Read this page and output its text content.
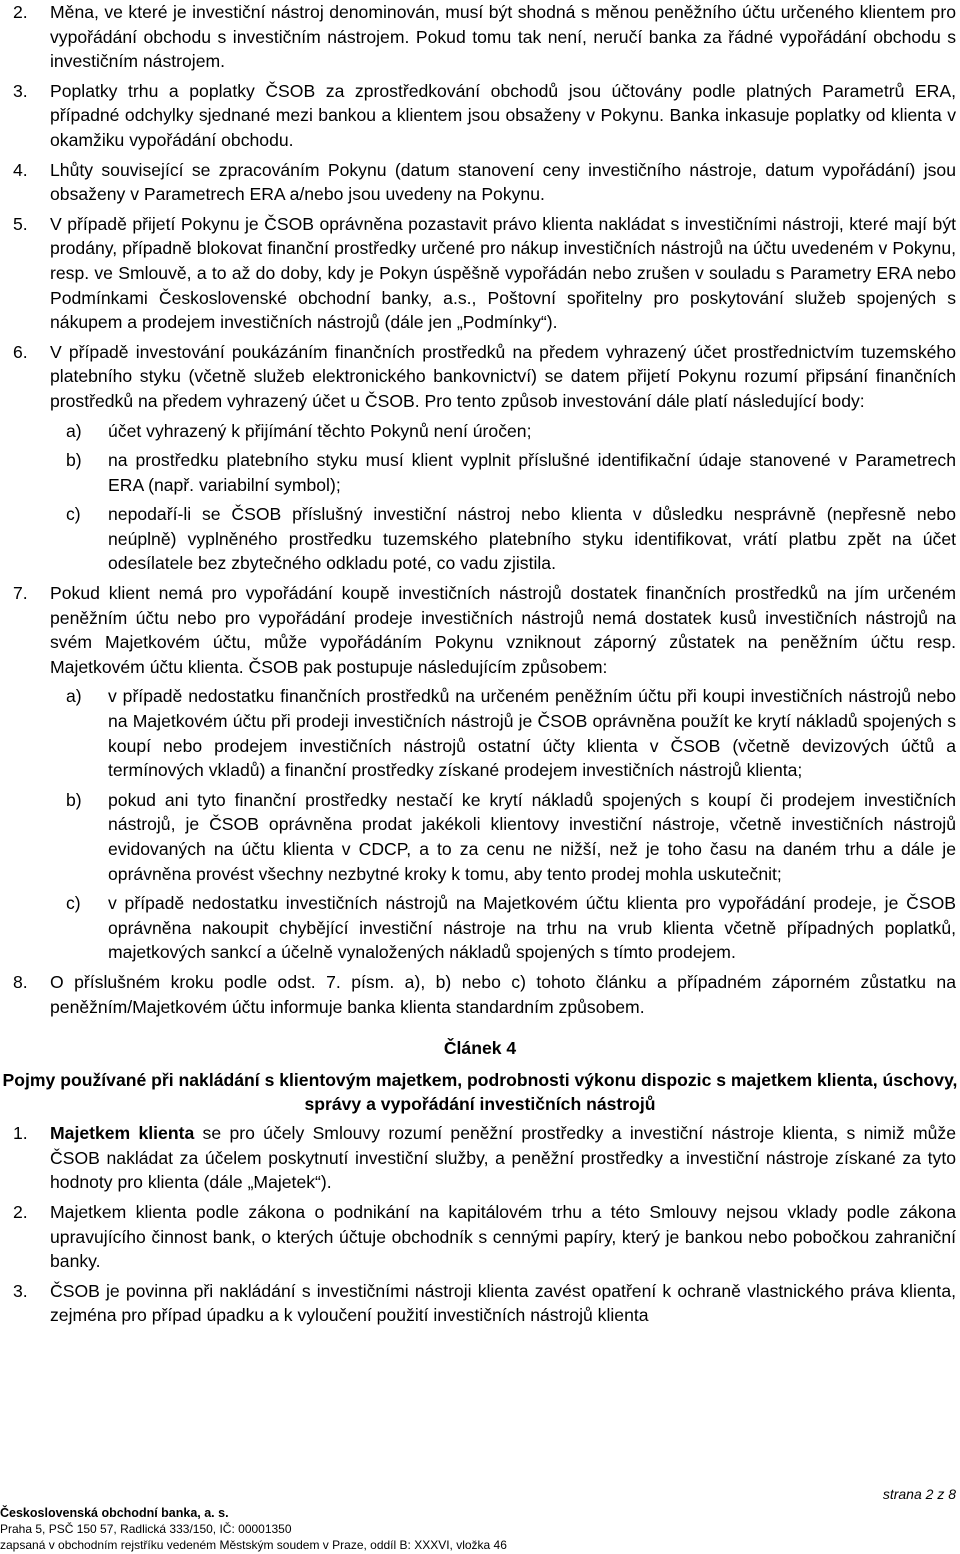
2. Měna, ve které je investiční nástroj denominován, musí být shodná s měnou peněžního účtu určeného klientem pro vypořádání obchodu s investičním nástrojem. Pokud tomu tak není, neručí banka za řádné vypořádání obchodu s investičním nástrojem.
3. Poplatky trhu a poplatky ČSOB za zprostředkování obchodů jsou účtovány podle platných Parametrů ERA, případné odchylky sjednané mezi bankou a klientem jsou obsaženy v Pokynu. Banka inkasuje poplatky od klienta v okamžiku vypořádání obchodu.
4. Lhůty související se zpracováním Pokynu (datum stanovení ceny investičního nástroje, datum vypořádání) jsou obsaženy v Parametrech ERA a/nebo jsou uvedeny na Pokynu.
5. V případě přijetí Pokynu je ČSOB oprávněna pozastavit právo klienta nakládat s investičními nástroji, které mají být prodány, případně blokovat finanční prostředky určené pro nákup investičních nástrojů na účtu uvedeném v Pokynu, resp. ve Smlouvě, a to až do doby, kdy je Pokyn úspěšně vypořádán nebo zrušen v souladu s Parametry ERA nebo Podmínkami Československé obchodní banky, a.s., Poštovní spořitelny pro poskytování služeb spojených s nákupem a prodejem investičních nástrojů (dále jen „Podmínky“).
6. V případě investování poukázáním finančních prostředků na předem vyhrazený účet prostřednictvím tuzemského platebního styku (včetně služeb elektronického bankovnictví) se datem přijetí Pokynu rozumí připsání finančních prostředků na předem vyhrazený účet u ČSOB. Pro tento způsob investování dále platí následující body:
a) účet vyhrazený k přijímání těchto Pokynů není úročen;
b) na prostředku platebního styku musí klient vyplnit příslušné identifikační údaje stanovené v Parametrech ERA (např. variabilní symbol);
c) nepodaří-li se ČSOB příslušný investiční nástroj nebo klienta v důsledku nesprávně (nepřesně nebo neúplně) vyplněného prostředku tuzemského platebního styku identifikovat, vrátí platbu zpět na účet odesílatele bez zbytečného odkladu poté, co vadu zjistila.
7. Pokud klient nemá pro vypořádání koupě investičních nástrojů dostatek finančních prostředků na jím určeném peněžním účtu nebo pro vypořádání prodeje investičních nástrojů nemá dostatek kusů investičních nástrojů na svém Majetkovém účtu, může vypořádáním Pokynu vzniknout záporný zůstatek na peněžním účtu resp. Majetkovém účtu klienta. ČSOB pak postupuje následujícím způsobem:
a) v případě nedostatku finančních prostředků na určeném peněžním účtu při koupi investičních nástrojů nebo na Majetkovém účtu při prodeji investičních nástrojů je ČSOB oprávněna použít ke krytí nákladů spojených s koupí nebo prodejem investičních nástrojů ostatní účty klienta v ČSOB (včetně devizových účtů a termínových vkladů) a finanční prostředky získané prodejem investičních nástrojů klienta;
b) pokud ani tyto finanční prostředky nestačí ke krytí nákladů spojených s koupí či prodejem investičních nástrojů, je ČSOB oprávněna prodat jakékoli klientovy investiční nástroje, včetně investičních nástrojů evidovaných na účtu klienta v CDCP, a to za cenu ne nižší, než je toho času na daném trhu a dále je oprávněna provést všechny nezbytné kroky k tomu, aby tento prodej mohla uskutečnit;
c) v případě nedostatku investičních nástrojů na Majetkovém účtu klienta pro vypořádání prodeje, je ČSOB oprávněna nakoupit chybějící investiční nástroje na trhu na vrub klienta včetně případných poplatků, majetkových sankcí a účelně vynaložených nákladů spojených s tímto prodejem.
8. O příslušném kroku podle odst. 7. písm. a), b) nebo c) tohoto článku a případném záporném zůstatku na peněžním/Majetkovém účtu informuje banka klienta standardním způsobem.
Článek 4
Pojmy používané při nakládání s klientovým majetkem, podrobnosti výkonu dispozic s majetkem klienta, úschovy, správy a vypořádání investičních nástrojů
1. Majetkem klienta se pro účely Smlouvy rozumí peněžní prostředky a investiční nástroje klienta, s nimiž může ČSOB nakládat za účelem poskytnutí investiční služby, a peněžní prostředky a investiční nástroje získané za tyto hodnoty pro klienta (dále „Majetek“).
2. Majetkem klienta podle zákona o podnikání na kapitálovém trhu a této Smlouvy nejsou vklady podle zákona upravujícího činnost bank, o kterých účtuje obchodník s cennými papíry, který je bankou nebo pobočkou zahraniční banky.
3. ČSOB je povinna při nakládání s investičními nástroji klienta zavést opatření k ochraně vlastnického práva klienta, zejména pro případ úpadku a k vyloučení použití investičních nástrojů klienta
strana 2 z 8
Československá obchodní banka, a. s.
Praha 5, PSČ 150 57, Radlická 333/150, IČ: 00001350
zapsaná v obchodním rejstříku vedeném Městským soudem v Praze, oddíl B: XXXVI, vložka 46
